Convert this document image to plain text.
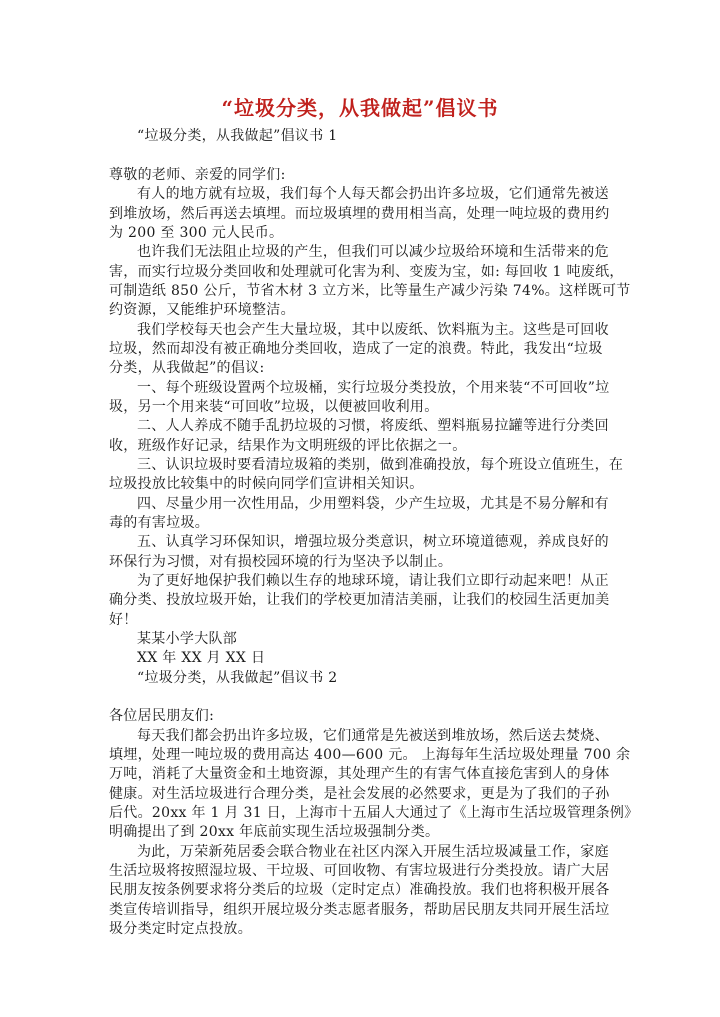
“垃圾分类，从我做起”倡议书
“垃圾分类，从我做起”倡议书 1
尊敬的老师、亲爱的同学们:
有人的地方就有垃圾，我们每个人每天都会扔出许多垃圾，它们通常先被送
到堆放场，然后再送去填埋。而垃圾填埋的费用相当高，处理一吨垃圾的费用约
为 200 至 300 元人民币。
也许我们无法阻止垃圾的产生，但我们可以减少垃圾给环境和生活带来的危
害，而实行垃圾分类回收和处理就可化害为利、变废为宝，如: 每回收 1 吨废纸，
可制造纸 850 公斤，节省木材 3 立方米，比等量生产减少污染 74%。这样既可节
约资源，又能维护环境整洁。
我们学校每天也会产生大量垃圾，其中以废纸、饮料瓶为主。这些是可回收
垃圾，然而却没有被正确地分类回收，造成了一定的浪费。特此，我发出“垃圾
分类，从我做起”的倡议:
一、每个班级设置两个垃圾桶，实行垃圾分类投放，个用来装“不可回收”垃
圾，另一个用来装“可回收”垃圾，以便被回收利用。
二、人人养成不随手乱扔垃圾的习惯，将废纸、塑料瓶易拉罐等进行分类回
收，班级作好记录，结果作为文明班级的评比依据之一。
三、认识垃圾时要看清垃圾箱的类别，做到准确投放，每个班设立值班生，在
垃圾投放比较集中的时候向同学们宣讲相关知识。
四、尽量少用一次性用品，少用塑料袋，少产生垃圾，尤其是不易分解和有
毒的有害垃圾。
五、认真学习环保知识，增强垃圾分类意识，树立环境道德观，养成良好的
环保行为习惯，对有损校园环境的行为坚决予以制止。
为了更好地保护我们赖以生存的地球环境，请让我们立即行动起来吧！从正
确分类、投放垃圾开始，让我们的学校更加清洁美丽，让我们的校园生活更加美
好！
某某小学大队部
XX 年 XX 月 XX 日
“垃圾分类，从我做起”倡议书 2
各位居民朋友们:
每天我们都会扔出许多垃圾，它们通常是先被送到堆放场，然后送去焚烧、
填埋，处理一吨垃圾的费用高达 400—600 元。 上海每年生活垃圾处理量 700 余
万吨，消耗了大量资金和土地资源，其处理产生的有害气体直接危害到人的身体
健康。对生活垃圾进行合理分类，是社会发展的必然要求，更是为了我们的子孙
后代。20xx 年 1 月 31 日，上海市十五届人大通过了《上海市生活垃圾管理条例》
明确提出了到 20xx 年底前实现生活垃圾强制分类。
为此，万荣新苑居委会联合物业在社区内深入开展生活垃圾减量工作，家庭
生活垃圾将按照湿垃圾、干垃圾、可回收物、有害垃圾进行分类投放。请广大居
民朋友按条例要求将分类后的垃圾（定时定点）准确投放。我们也将积极开展各
类宣传培训指导，组织开展垃圾分类志愿者服务，帮助居民朋友共同开展生活垃
圾分类定时定点投放。
